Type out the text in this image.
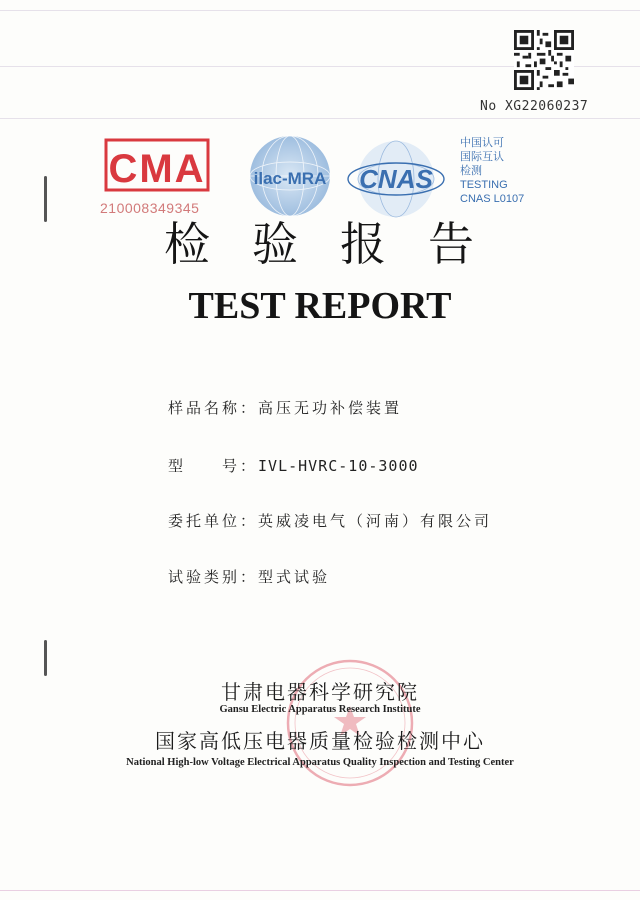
No XG22060237
CMA
210008349345
ilac-MRA CNAS
中国认可
国际互认
检测
TESTING
CNAS L0107
检验报告
TEST REPORT
样品名称：高压无功补偿装置
型　　号：IVL-HVRC-10-3000
委托单位：英威凌电气（河南）有限公司
试验类别：型式试验
甘肃电器科学研究院
Gansu Electric Apparatus Research Institute
国家高低压电器质量检验检测中心
National High-low Voltage Electrical Apparatus Quality Inspection and Testing Center
